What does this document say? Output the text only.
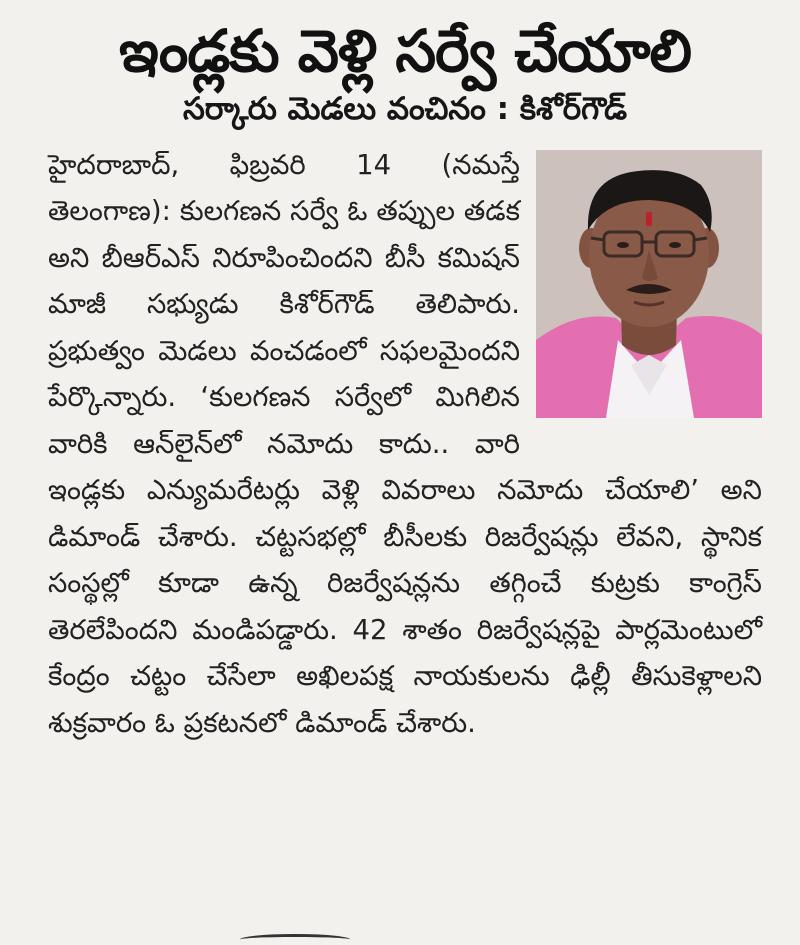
ఇండ్లకు వెళ్లి సర్వే చేయాలి
సర్కారు మెడలు వంచినం : కిశోర్‌గౌడ్‌
హైదరాబాద్‌, ఫిబ్రవరి 14 (నమస్తే తెలంగాణ): కులగణన సర్వే ఓ తప్పుల తడక అని బీఆర్‌ఎస్‌ నిరూపించిందని బీసీ కమిషన్‌ మాజీ సభ్యుడు కిశోర్‌గౌడ్‌ తెలిపారు. ప్రభుత్వం మెడలు వంచడంలో సఫలమైందని పేర్కొన్నారు. ‘కులగణన సర్వేలో మిగిలిన వారికి ఆన్‌లైన్‌లో నమోదు కాదు.. వారి ఇండ్లకు ఎన్యుమరేటర్లు వెళ్లి వివరాలు నమోదు చేయాలి’ అని డిమాండ్‌ చేశారు. చట్టసభల్లో బీసీలకు రిజర్వేషన్లు లేవని, స్థానిక సంస్థల్లో కూడా ఉన్న రిజర్వేషన్లను తగ్గించే కుట్రకు కాంగ్రెస్‌ తెరలేపిందని మండిపడ్డారు. 42 శాతం రిజర్వేషన్లపై పార్లమెంటులో కేంద్రం చట్టం చేసేలా అఖిలపక్ష నాయకులను ఢిల్లీ తీసుకెళ్లాలని శుక్రవారం ఓ ప్రకటనలో డిమాండ్‌ చేశారు.
